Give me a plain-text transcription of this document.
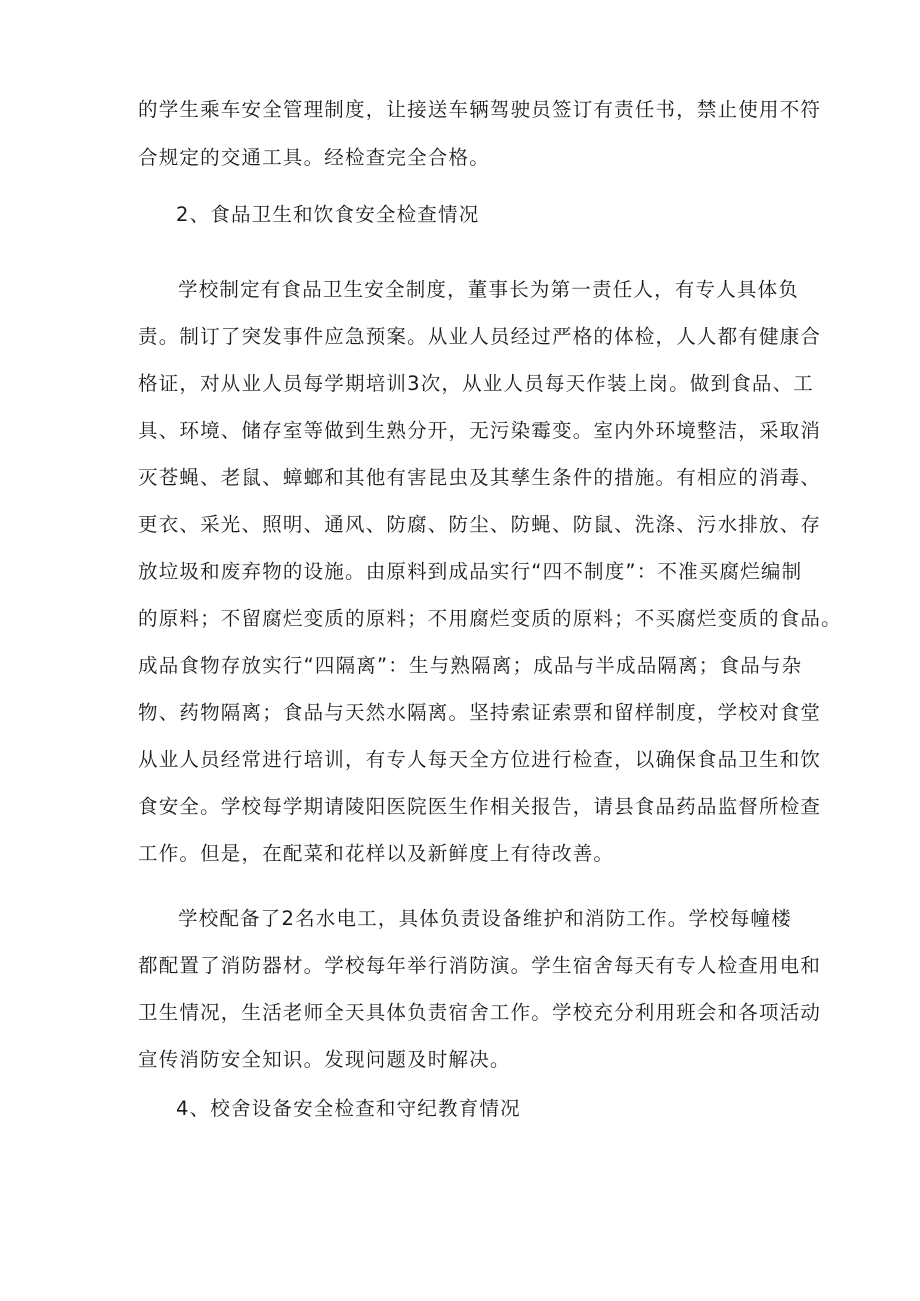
的学生乘车安全管理制度，让接送车辆驾驶员签订有责任书，禁止使用不符
合规定的交通工具。经检查完全合格。
2、食品卫生和饮食安全检查情况
学校制定有食品卫生安全制度，董事长为第一责任人，有专人具体负
责。制订了突发事件应急预案。从业人员经过严格的体检，人人都有健康合
格证，对从业人员每学期培训3次，从业人员每天作装上岗。做到食品、工
具、环境、储存室等做到生熟分开，无污染霉变。室内外环境整洁，采取消
灭苍蝇、老鼠、蟑螂和其他有害昆虫及其孳生条件的措施。有相应的消毒、
更衣、采光、照明、通风、防腐、防尘、防蝇、防鼠、洗涤、污水排放、存
放垃圾和废弃物的设施。由原料到成品实行“四不制度”：不准买腐烂编制
的原料；不留腐烂变质的原料；不用腐烂变质的原料；不买腐烂变质的食品。
成品食物存放实行“四隔离”：生与熟隔离；成品与半成品隔离；食品与杂
物、药物隔离；食品与天然水隔离。坚持索证索票和留样制度，学校对食堂
从业人员经常进行培训，有专人每天全方位进行检查，以确保食品卫生和饮
食安全。学校每学期请陵阳医院医生作相关报告，请县食品药品监督所检查
工作。但是，在配菜和花样以及新鲜度上有待改善。
学校配备了2名水电工，具体负责设备维护和消防工作。学校每幢楼
都配置了消防器材。学校每年举行消防演。学生宿舍每天有专人检查用电和
卫生情况，生活老师全天具体负责宿舍工作。学校充分利用班会和各项活动
宣传消防安全知识。发现问题及时解决。
4、校舍设备安全检查和守纪教育情况
